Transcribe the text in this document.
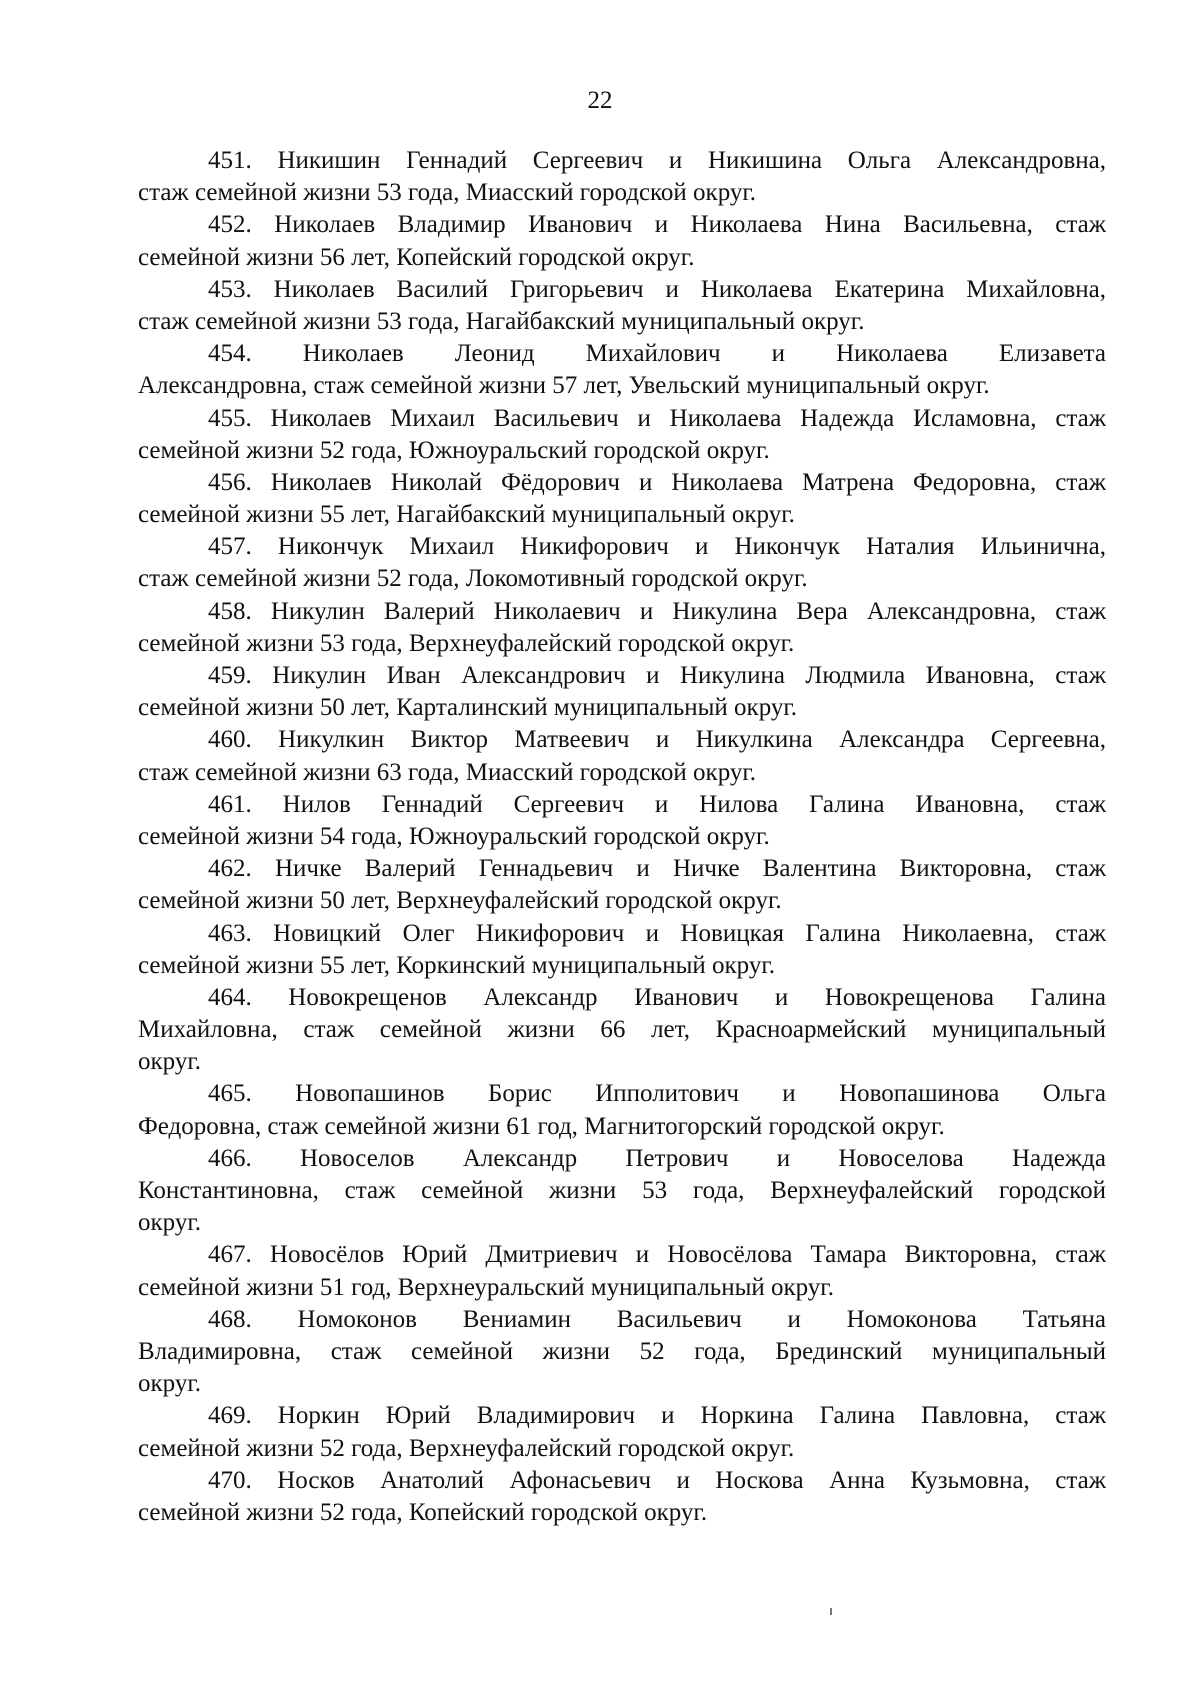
22
451. Никишин Геннадий Сергеевич и Никишина Ольга Александровна,
стаж семейной жизни 53 года, Миасский городской округ.
452. Николаев Владимир Иванович и Николаева Нина Васильевна, стаж
семейной жизни 56 лет, Копейский городской округ.
453. Николаев Василий Григорьевич и Николаева Екатерина Михайловна,
стаж семейной жизни 53 года, Нагайбакский муниципальный округ.
454. Николаев Леонид Михайлович и Николаева Елизавета
Александровна, стаж семейной жизни 57 лет, Увельский муниципальный округ.
455. Николаев Михаил Васильевич и Николаева Надежда Исламовна, стаж
семейной жизни 52 года, Южноуральский городской округ.
456. Николаев Николай Фёдорович и Николаева Матрена Федоровна, стаж
семейной жизни 55 лет, Нагайбакский муниципальный округ.
457. Никончук Михаил Никифорович и Никончук Наталия Ильинична,
стаж семейной жизни 52 года, Локомотивный городской округ.
458. Никулин Валерий Николаевич и Никулина Вера Александровна, стаж
семейной жизни 53 года, Верхнеуфалейский городской округ.
459. Никулин Иван Александрович и Никулина Людмила Ивановна, стаж
семейной жизни 50 лет, Карталинский муниципальный округ.
460. Никулкин Виктор Матвеевич и Никулкина Александра Сергеевна,
стаж семейной жизни 63 года, Миасский городской округ.
461. Нилов Геннадий Сергеевич и Нилова Галина Ивановна, стаж
семейной жизни 54 года, Южноуральский городской округ.
462. Ничке Валерий Геннадьевич и Ничке Валентина Викторовна, стаж
семейной жизни 50 лет, Верхнеуфалейский городской округ.
463. Новицкий Олег Никифорович и Новицкая Галина Николаевна, стаж
семейной жизни 55 лет, Коркинский муниципальный округ.
464. Новокрещенов Александр Иванович и Новокрещенова Галина
Михайловна, стаж семейной жизни 66 лет, Красноармейский муниципальный
округ.
465. Новопашинов Борис Ипполитович и Новопашинова Ольга
Федоровна, стаж семейной жизни 61 год, Магнитогорский городской округ.
466. Новоселов Александр Петрович и Новоселова Надежда
Константиновна, стаж семейной жизни 53 года, Верхнеуфалейский городской
округ.
467. Новосёлов Юрий Дмитриевич и Новосёлова Тамара Викторовна, стаж
семейной жизни 51 год, Верхнеуральский муниципальный округ.
468. Номоконов Вениамин Васильевич и Номоконова Татьяна
Владимировна, стаж семейной жизни 52 года, Брединский муниципальный
округ.
469. Норкин Юрий Владимирович и Норкина Галина Павловна, стаж
семейной жизни 52 года, Верхнеуфалейский городской округ.
470. Носков Анатолий Афонасьевич и Носкова Анна Кузьмовна, стаж
семейной жизни 52 года, Копейский городской округ.
